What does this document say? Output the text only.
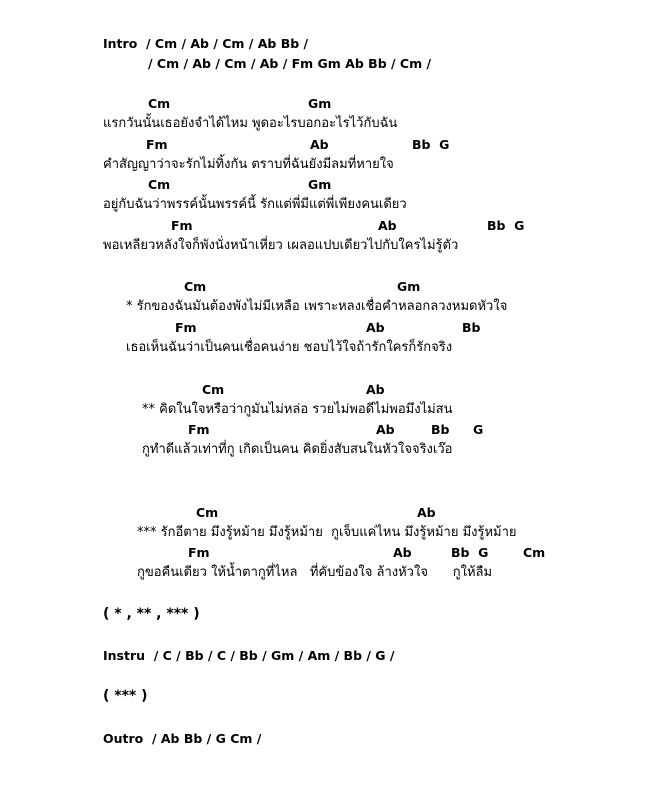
Intro  / Cm / Ab / Cm / Ab Bb /
/ Cm / Ab / Cm / Ab / Fm Gm Ab Bb / Cm /
Cm	Gm
แรกวันนั้นเธอยังจำได้ไหม พูดอะไรบอกอะไรไว้กับฉัน
Fm	Ab	Bb  G
คำสัญญาว่าจะรักไม่ทิ้งกัน ตราบที่ฉันยังมีลมที่หายใจ
Cm	Gm
อยู่กับฉันว่าพรรค์นั้นพรรค์นี้ รักแต่พี่มีแต่พี่เพียงคนเดียว
Fm	Ab	Bb  G
พอเหลียวหลังใจก็พังนั่งหน้าเหี่ยว เผลอแปบเดียวไปกับใครไม่รู้ตัว
Cm	Gm
* รักของฉันมันต้องพังไม่มีเหลือ เพราะหลงเชื่อคำหลอกลวงหมดหัวใจ
Fm	Ab	Bb
เธอเห็นฉันว่าเป็นคนเชื่อคนง่าย ชอบไว้ใจถ้ารักใครก็รักจริง
Cm	Ab
** คิดในใจหรือว่ากูมันไม่หล่อ รวยไม่พอดีไม่พอมึงไม่สน
Fm	Ab	Bb G
กูทำดีแล้วเท่าที่กู เกิดเป็นคน คิดยิ่งสับสนในหัวใจจริงเว๊อ
Cm	Ab
*** รักอีตาย มึงรู้หม้าย มึงรู้หม้าย  กูเจ็บแค่ไหน มึงรู้หม้าย มึงรู้หม้าย
Fm	Ab	Bb  G	Cm
กูขอคืนเดียว ให้น้ำตากูที่ไหล   ที่คับข้องใจ ล้างหัวใจ      กูให้ลืม
( * , ** , *** )
Instru  / C / Bb / C / Bb / Gm / Am / Bb / G /
( *** )
Outro  / Ab Bb / G Cm /
